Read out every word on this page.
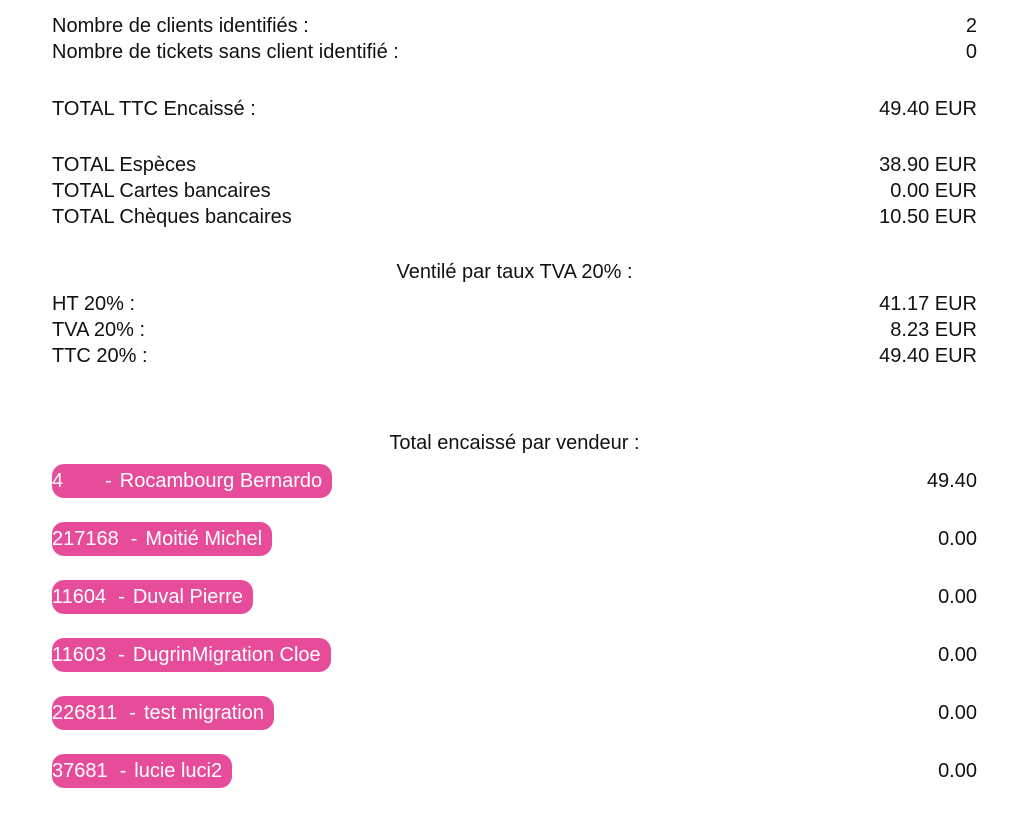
Nombre de clients identifiés :	2
Nombre de tickets sans client identifié :	0
TOTAL TTC Encaissé :	49.40 EUR
TOTAL Espèces	38.90 EUR
TOTAL Cartes bancaires	0.00 EUR
TOTAL Chèques bancaires	10.50 EUR
Ventilé par taux TVA 20% :
HT 20% :	41.17 EUR
TVA 20% :	8.23 EUR
TTC 20% :	49.40 EUR
Total encaissé par vendeur :
4	- Rocambourg Bernardo	49.40
217168 - Moitié Michel	0.00
11604 - Duval Pierre	0.00
11603 - DugrinMigration Cloe	0.00
226811 - test migration	0.00
37681 - lucie luci2	0.00
